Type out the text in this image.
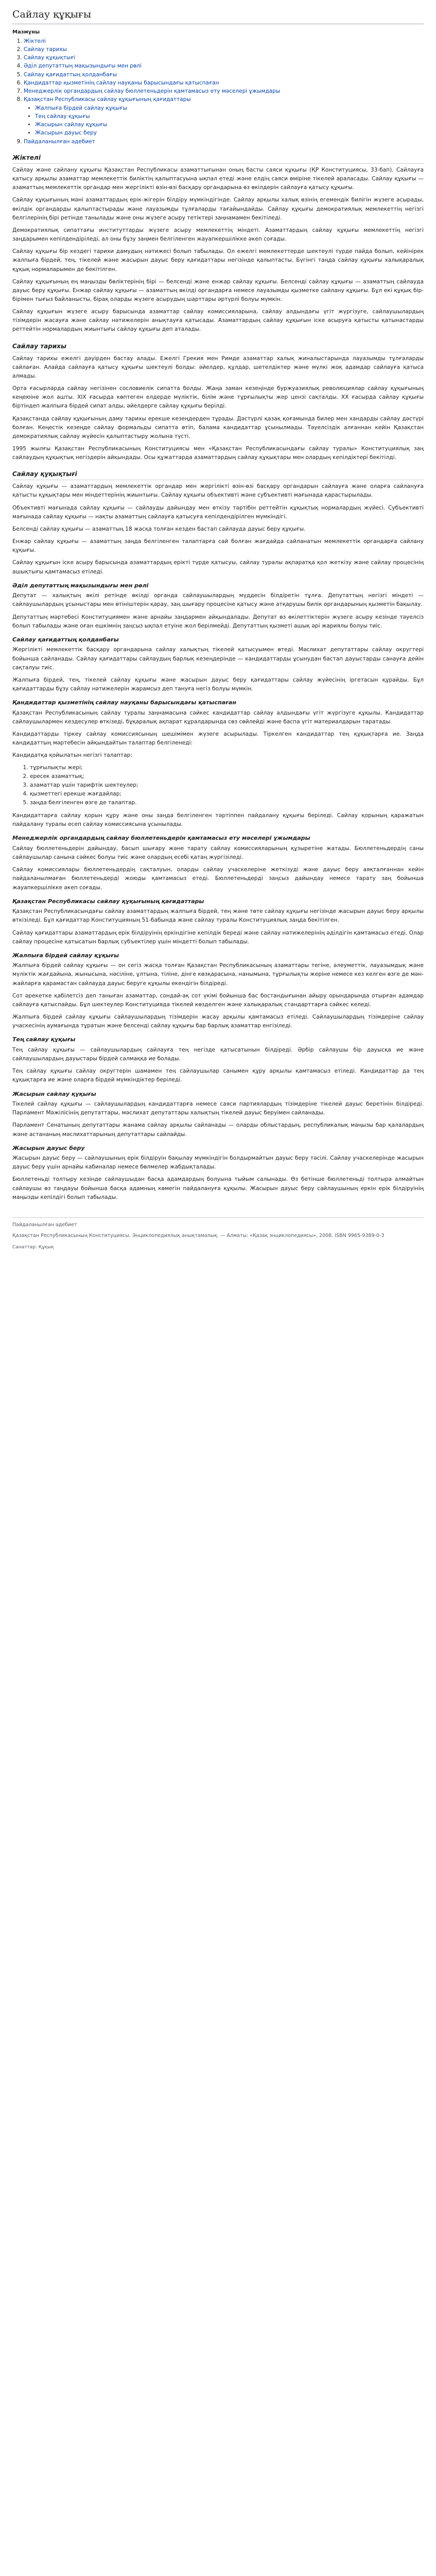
Сайлау құқығы
Мазмұны
1. Жіктелі
2. Сайлау тарихы
3. Сайлау құқықтығі
4. Әділ депутаттың мақызындығы мен рөлі
5. Сайлау қағидаттың қолданбағы
6. Қандидаттар қызметінің сайлау науқаны барысындағы қатыспаған
7. Менеджерлік органдардың сайлау бюллетеньдерін қамтамасыз ету мәселері ұжымдары
8. Қазақстан Республикасы сайлау құқығының қағидаттары
• Жалпыға бірдей сайлау құқығы
• Тең сайлау құқығы
• Жасырын сайлау құқығы
• Жасырын дауыс беру
9. Пайдаланылған әдебиет
Жіктелі

Сайлау және сайлану құқығы Қазақстан Республикасы азаматтығынан оның басты саяси құқығы (ҚР Конституциясы, 33-бап). Сайлауға қатысу арқылы азаматтар мемлекеттік биліктің қалыптасуына ықпал етеді және елдің саяси өміріне тікелей араласады. Сайлау құқығы — азаматтың мемлекеттік органдар мен жергілікті өзін-өзі басқару органдарына өз өкілдерін сайлауға қатысу құқығы.

Сайлау құқығының мәні азаматтардың ерік-жігерін білдіру мүмкіндігінде. Сайлау арқылы халық өзінің егемендік билігін жүзеге асырады, өкілдік органдарды қалыптастырады және лауазымды тұлғаларды тағайындайды. Сайлау құқығы демократиялық мемлекеттің негізгі белгілерінің бірі ретінде танылады және оны жүзеге асыру тетіктері заңнамамен бекітіледі.

Демократиялық сипаттағы институттарды жүзеге асыру мемлекеттің міндеті. Азаматтардың сайлау құқығы мемлекеттің негізгі заңдарымен кепілдендіріледі, ал оны бұзу заңмен белгіленген жауапкершілікке әкеп соғады.

Сайлау құқығы бір кездегі тарихи дамудың нәтижесі болып табылады. Ол ежелгі мемлекеттерде шектеулі түрде пайда болып, кейінірек жалпыға бірдей, тең, тікелей және жасырын дауыс беру қағидаттары негізінде қалыптасты. Бүгінгі таңда сайлау құқығы халықаралық құқық нормаларымен де бекітілген.

Сайлау құқығының ең маңызды бөліктерінің бірі — белсенді және енжар сайлау құқығы. Белсенді сайлау құқығы — азаматтың сайлауда дауыс беру құқығы. Енжар сайлау құқығы — азаматтың өкілді органдарға немесе лауазымды қызметке сайлану құқығы. Бұл екі құқық бір-бірімен тығыз байланысты, бірақ оларды жүзеге асырудың шарттары әртүрлі болуы мүмкін.

Сайлау құқығын жүзеге асыру барысында азаматтар сайлау комиссияларына, сайлау алдындағы үгіт жүргізуге, сайлаушылардың тізімдерін жасауға және сайлау нәтижелерін анықтауға қатысады. Азаматтардың сайлау құқығын іске асыруға қатысты қатынастарды реттейтін нормалардың жиынтығы сайлау құқығы деп аталады.

Сайлау тарихы

Сайлау тарихы ежелгі дәуірден бастау алады. Ежелгі Грекия мен Римде азаматтар халық жиналыстарында лауазымды тұлғаларды сайлаған. Алайда сайлауға қатысу құқығы шектеулі болды: әйелдер, құлдар, шетелдіктер және мүлкі жоқ адамдар сайлауға қатыса алмады.

Орта ғасырларда сайлау негізінен сословиелік сипатта болды. Жаңа заман кезеңінде буржуазиялық революциялар сайлау құқығының кеңеюіне жол ашты. XIX ғасырда көптеген елдерде мүліктік, білім және тұрғылықты жер цензі сақталды. XX ғасырда сайлау құқығы біртіндеп жалпыға бірдей сипат алды, әйелдерге сайлау құқығы берілді.

Қазақстанда сайлау құқығының даму тарихы ерекше кезеңдерден тұрады. Дәстүрлі қазақ қоғамында билер мен хандарды сайлау дәстүрі болған. Кеңестік кезеңде сайлау формальды сипатта өтіп, балама кандидаттар ұсынылмады. Тәуелсіздік алғаннан кейін Қазақстан демократиялық сайлау жүйесін қалыптастыру жолына түсті.

1995 жылғы Қазақстан Республикасының Конституциясы мен «Қазақстан Республикасындағы сайлау туралы» Конституциялық заң сайлаудың құқықтық негіздерін айқындады. Осы құжаттарда азаматтардың сайлау құқықтары мен олардың кепілдіктері бекітілді.

Сайлау құқықтығі

Сайлау құқығы — азаматтардың мемлекеттік органдар мен жергілікті өзін-өзі басқару органдарын сайлауға және оларға сайлануға қатысты құқықтары мен міндеттерінің жиынтығы. Сайлау құқығы объективті және субъективті мағынада қарастырылады.

Объективті мағынада сайлау құқығы — сайлауды дайындау мен өткізу тәртібін реттейтін құқықтық нормалардың жүйесі. Субъективті мағынада сайлау құқығы — нақты азаматтың сайлауға қатысуға кепілдендірілген мүмкіндігі.

Белсенді сайлау құқығы — азаматтың 18 жасқа толған кезден бастап сайлауда дауыс беру құқығы.

Енжар сайлау құқығы — азаматтың заңда белгіленген талаптарға сай болған жағдайда сайланатын мемлекеттік органдарға сайлану құқығы.

Сайлау құқығын іске асыру барысында азаматтардың ерікті түрде қатысуы, сайлау туралы ақпаратқа қол жеткізу және сайлау процесінің ашықтығы қамтамасыз етіледі.

Әділ депутаттың мақызындығы мен рөлі

Депутат — халықтың өкілі ретінде өкілді органда сайлаушылардың мүддесін білдіретін тұлға. Депутаттың негізгі міндеті — сайлаушылардың ұсыныстары мен өтініштерін қарау, заң шығару процесіне қатысу және атқарушы билік органдарының қызметін бақылау.

Депутаттың мәртебесі Конституциямен және арнайы заңдармен айқындалады. Депутат өз өкілеттіктерін жүзеге асыру кезінде тәуелсіз болып табылады және оған ешкімнің заңсыз ықпал етуіне жол берілмейді. Депутаттың қызметі ашық әрі жариялы болуы тиіс.

Сайлау қағидаттың қолданбағы

Жергілікті мемлекеттік басқару органдарына сайлау халықтың тікелей қатысуымен өтеді. Мәслихат депутаттары сайлау округтері бойынша сайланады. Сайлау қағидаттары сайлаудың барлық кезеңдерінде — кандидаттарды ұсынудан бастап дауыстарды санауға дейін сақталуы тиіс.

Жалпыға бірдей, тең, тікелей сайлау құқығы және жасырын дауыс беру қағидаттары сайлау жүйесінің іргетасын құрайды. Бұл қағидаттарды бұзу сайлау нәтижелерін жарамсыз деп тануға негіз болуы мүмкін.

Қандидаттар қызметінің сайлау науқаны барысындағы қатыспаған

Қазақстан Республикасының сайлау туралы заңнамасына сәйкес кандидаттар сайлау алдындағы үгіт жүргізуге құқылы. Кандидаттар сайлаушылармен кездесулер өткізеді, бұқаралық ақпарат құралдарында сөз сөйлейді және баспа үгіт материалдарын таратады.

Кандидаттарды тіркеу сайлау комиссиясының шешімімен жүзеге асырылады. Тіркелген кандидаттар тең құқықтарға ие. Заңда кандидаттың мәртебесін айқындайтын талаптар белгіленеді:

Кандидатқа қойылатын негізгі талаптар:

1. тұрғылықты жері;
2. ересек азаматтық;
3. азаматтар үшін тарифтік шектеулер;
4. қызметтегі ерекше жағдайлар;
5. заңда белгіленген өзге де талаптар.

Кандидаттарға сайлау қорын құру және оны заңда белгіленген тәртіппен пайдалану құқығы беріледі. Сайлау қорының қаражатын пайдалану туралы есеп сайлау комиссиясына ұсынылады.

Менеджерлік органдардың сайлау бюллетеньдерін қамтамасыз ету мәселері ұжымдары

Сайлау бюллетеньдерін дайындау, басып шығару және тарату сайлау комиссияларының құзыретіне жатады. Бюллетеньдердің саны сайлаушылар санына сәйкес болуы тиіс және олардың есебі қатаң жүргізіледі.

Сайлау комиссиялары бюллетеньдердің сақталуын, оларды сайлау учаскелеріне жеткізуді және дауыс беру аяқталғаннан кейін пайдаланылмаған бюллетеньдерді жоюды қамтамасыз етеді. Бюллетеньдерді заңсыз дайындау немесе тарату заң бойынша жауапкершілікке әкеп соғады.

Қазақстан Республикасы сайлау құқығының қағидаттары

Қазақстан Республикасындағы сайлау азаматтардың жалпыға бірдей, тең және төте сайлау құқығы негізінде жасырын дауыс беру арқылы өткізіледі. Бұл қағидаттар Конституцияның 51-бабында және сайлау туралы Конституциялық заңда бекітілген.

Сайлау қағидаттары азаматтардың ерік білдіруінің еркіндігіне кепілдік береді және сайлау нәтижелерінің әділдігін қамтамасыз етеді. Олар сайлау процесіне қатысатын барлық субъектілер үшін міндетті болып табылады.

Жалпыға бірдей сайлау құқығы

Жалпыға бірдей сайлау құқығы — он сегіз жасқа толған Қазақстан Республикасының азаматтары тегіне, әлеуметтік, лауазымдық және мүліктік жағдайына, жынысына, нәсіліне, ұлтына, тіліне, дінге көзқарасына, нанымына, тұрғылықты жеріне немесе кез келген өзге де мән-жайларға қарамастан сайлауда дауыс беруге құқылы екендігін білдіреді.

Сот әрекетке қабілетсіз деп таныған азаматтар, сондай-ақ сот үкімі бойынша бас бостандығынан айыру орындарында отырған адамдар сайлауға қатыспайды. Бұл шектеулер Конституцияда тікелей көзделген және халықаралық стандарттарға сәйкес келеді.

Жалпыға бірдей сайлау құқығы сайлаушылардың тізімдерін жасау арқылы қамтамасыз етіледі. Сайлаушылардың тізімдеріне сайлау учаскесінің аумағында тұратын және белсенді сайлау құқығы бар барлық азаматтар енгізіледі.

Тең сайлау құқығы

Тең сайлау құқығы — сайлаушылардың сайлауға тең негізде қатысатынын білдіреді. Әрбір сайлаушы бір дауысқа ие және сайлаушылардың дауыстары бірдей салмаққа ие болады.

Тең сайлау құқығы сайлау округтерін шамамен тең сайлаушылар санымен құру арқылы қамтамасыз етіледі. Кандидаттар да тең құқықтарға ие және оларға бірдей мүмкіндіктер беріледі.

Жасырын сайлау құқығы

Тікелей сайлау құқығы — сайлаушылардың кандидаттарға немесе саяси партиялардың тізімдеріне тікелей дауыс беретінін білдіреді. Парламент Мәжілісінің депутаттары, мәслихат депутаттары халықтың тікелей дауыс беруімен сайланады.

Парламент Сенатының депутаттары жанама сайлау арқылы сайланады — оларды облыстардың, республикалық маңызы бар қалалардың және астананың мәслихаттарының депутаттары сайлайды.

Жасырын дауыс беру

Жасырын дауыс беру — сайлаушының ерік білдіруін бақылау мүмкіндігін болдырмайтын дауыс беру тәсілі. Сайлау учаскелерінде жасырын дауыс беру үшін арнайы кабиналар немесе бөлмелер жабдықталады.

Бюллетеньді толтыру кезінде сайлаушыдан басқа адамдардың болуына тыйым салынады. Өз бетінше бюллетеньді толтыра алмайтын сайлаушы өз таңдауы бойынша басқа адамның көмегін пайдалануға құқылы. Жасырын дауыс беру сайлаушының еркін ерік білдіруінің маңызды кепілдігі болып табылады.

Пайдаланылған әдебиет

Қазақстан Республикасының Конституциясы. Энциклопедиялық анықтамалық. — Алматы: «Қазақ энциклопедиясы», 2008. ISBN 9965-9389-0-3

Санаттар: Құқық
